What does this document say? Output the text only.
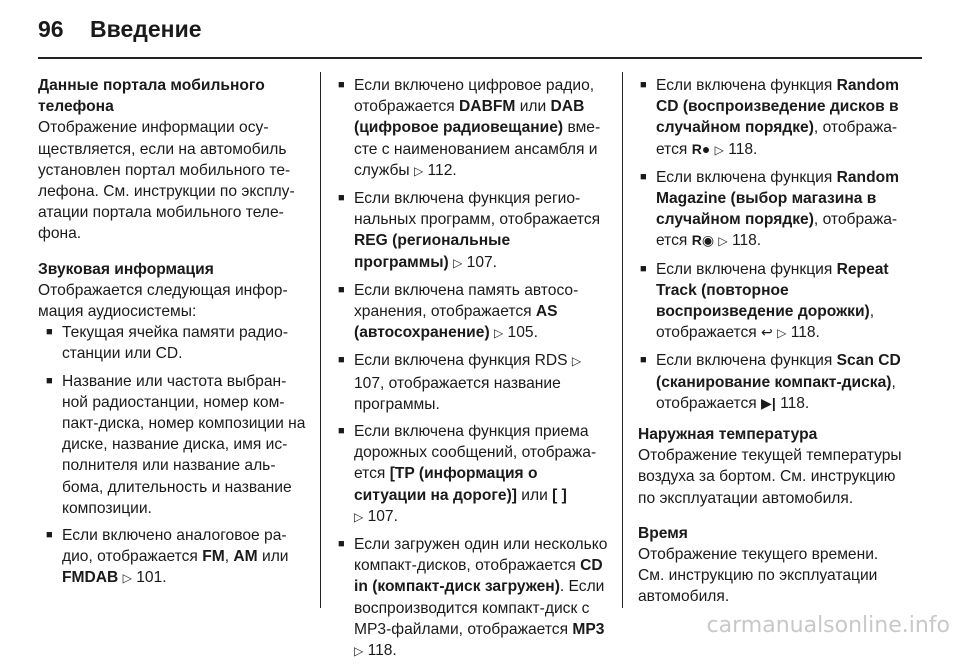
96 Введение

Данные портала мобильного телефона

Отображение информации осуществляется, если на автомобиль установлен портал мобильного телефона. См. инструкции по эксплуатации портала мобильного телефона.

Звуковая информация

Отображается следующая информация аудиосистемы:

■ Текущая ячейка памяти радиостанции или CD.
■ Название или частота выбранной радиостанции, номер компакт-диска, номер композиции на диске, название диска, имя исполнителя или название альбома, длительность и название композиции.
■ Если включено аналоговое радио, отображается FM, AM или FMDAB ▷ 101.
■ Если включено цифровое радио, отображается DABFM или DAB (цифровое радиовещание) вместе с наименованием ансамбля и службы ▷ 112.
■ Если включена функция региональных программ, отображается REG (региональные программы) ▷ 107.
■ Если включена память автосохранения, отображается AS (автосохранение) ▷ 105.
■ Если включена функция RDS ▷ 107, отображается название программы.
■ Если включена функция приема дорожных сообщений, отображается [TP (информация о ситуации на дороге)] или [ ]
▷ 107.
■ Если загружен один или несколько компакт-дисков, отображается CD in (компакт-диск загружен). Если воспроизводится компакт-диск с MP3-файлами, отображается MP3 ▷ 118.
■ Если включена функция Random CD (воспроизведение дисков в случайном порядке), отображается R● ▷ 118.
■ Если включена функция Random Magazine (выбор магазина в случайном порядке), отображается R◉ ▷ 118.
■ Если включена функция Repeat Track (повторное воспроизведение дорожки), отображается ↩ ▷ 118.
■ Если включена функция Scan CD (сканирование компакт-диска), отображается ▶| 118.

Наружная температура

Отображение текущей температуры воздуха за бортом. См. инструкцию по эксплуатации автомобиля.

Время

Отображение текущего времени. См. инструкцию по эксплуатации автомобиля.

carmanualsonline.info
